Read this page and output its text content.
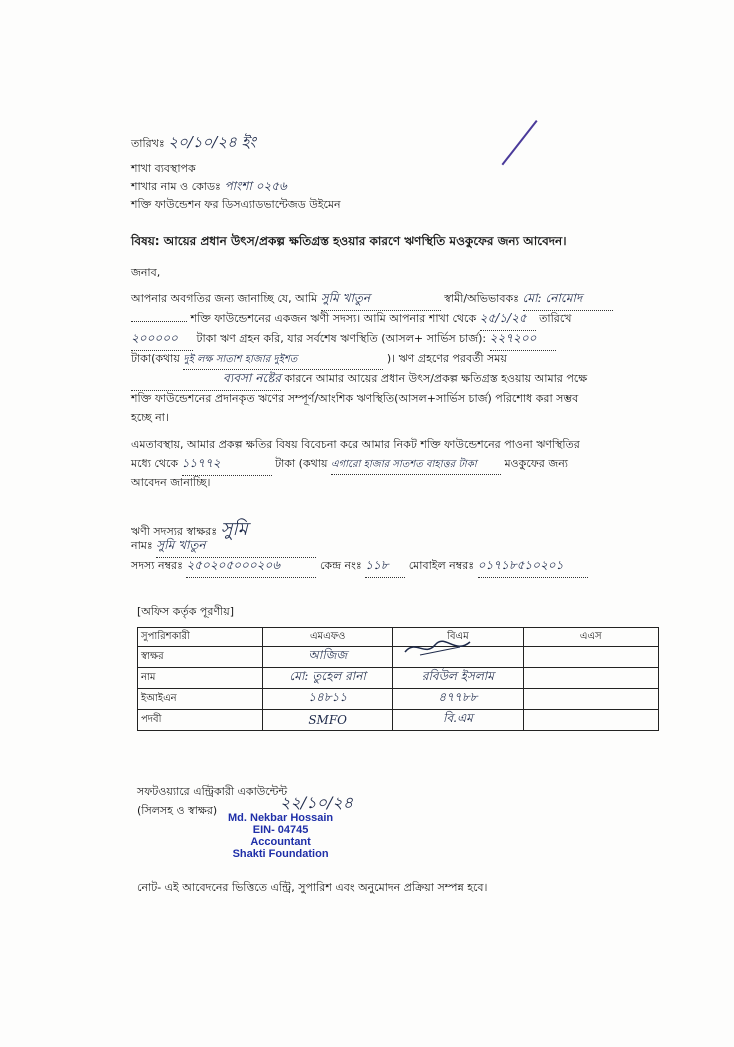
তারিখঃ ২০/১০/২৪ ইং
শাখা ব্যবস্থাপক
শাখার নাম ও কোডঃ পাংশা ০২৫৬
শক্তি ফাউন্ডেশন ফর ডিসএ্যাডভান্টেজড উইমেন
বিষয়: আয়ের প্রধান উৎস/প্রকল্প ক্ষতিগ্রস্ত হওয়ার কারণে ঋণস্থিতি মওকুফের জন্য আবেদন।
জনাব,
আপনার অবগতির জন্য জানাচ্ছি যে, আমি সুমি খাতুন	স্বামী/অভিভাবকঃ মো: নোমোদ
শক্তি ফাউন্ডেশনের একজন ঋণী সদস্য। আমি আপনার শাখা থেকে ২৫/১/২৫ তারিখে
২০০০০০ টাকা ঋণ গ্রহন করি, যার সর্বশেষ ঋণস্থিতি (আসল+ সার্ভিস চার্জ): ২২৭২০০
টাকা(কথায় দুই লক্ষ সাতাশ হাজার দুইশত	)। ঋণ গ্রহণের পরবর্তী সময়
ব্যবসা নষ্টের কারনে আমার আয়ের প্রধান উৎস/প্রকল্প ক্ষতিগ্রস্ত হওয়ায় আমার পক্ষে
শক্তি ফাউন্ডেশনের প্রদানকৃত ঋণের সম্পূর্ণ/আংশিক ঋণস্থিতি(আসল+সার্ভিস চার্জ) পরিশোধ করা সম্ভব
হচ্ছে না।
এমতাবস্থায়, আমার প্রকল্প ক্ষতির বিষয় বিবেচনা করে আমার নিকট শক্তি ফাউন্ডেশনের পাওনা ঋণস্থিতির
মধ্যে থেকে ১১৭৭২	টাকা (কথায় এগারো হাজার সাতশত বাহাত্তর টাকা	মওকুফের জন্য
আবেদন জানাচ্ছি।
ঋণী সদস্যর স্বাক্ষরঃ সুমি
নামঃ সুমি খাতুন
সদস্য নম্বরঃ ২৫০২০৫০০০২০৬	কেন্দ্র নংঃ ১১৮ মোবাইল নম্বরঃ ০১৭১৮৫১০২০১
[অফিস কর্তৃক পূরণীয়]
সুপারিশকারী	এমএফও	বিএম	এএস
স্বাক্ষর	আজিজ		
নাম	মো: তুহেল রানা	রবিউল ইসলাম	
ইআইএন	১৪৮১১	৪৭৭৮৮	
পদবী	SMFO	বি.এম	
সফটওয়্যারে এন্ট্রিকারী একাউন্টেন্ট
(সিলসহ ও স্বাক্ষর)	২২/১০/২৪
Md. Nekbar Hossain
EIN- 04745
Accountant
Shakti Foundation
নোট- এই আবেদনের ভিত্তিতে এন্ট্রি, সুপারিশ এবং অনুমোদন প্রক্রিয়া সম্পন্ন হবে।
